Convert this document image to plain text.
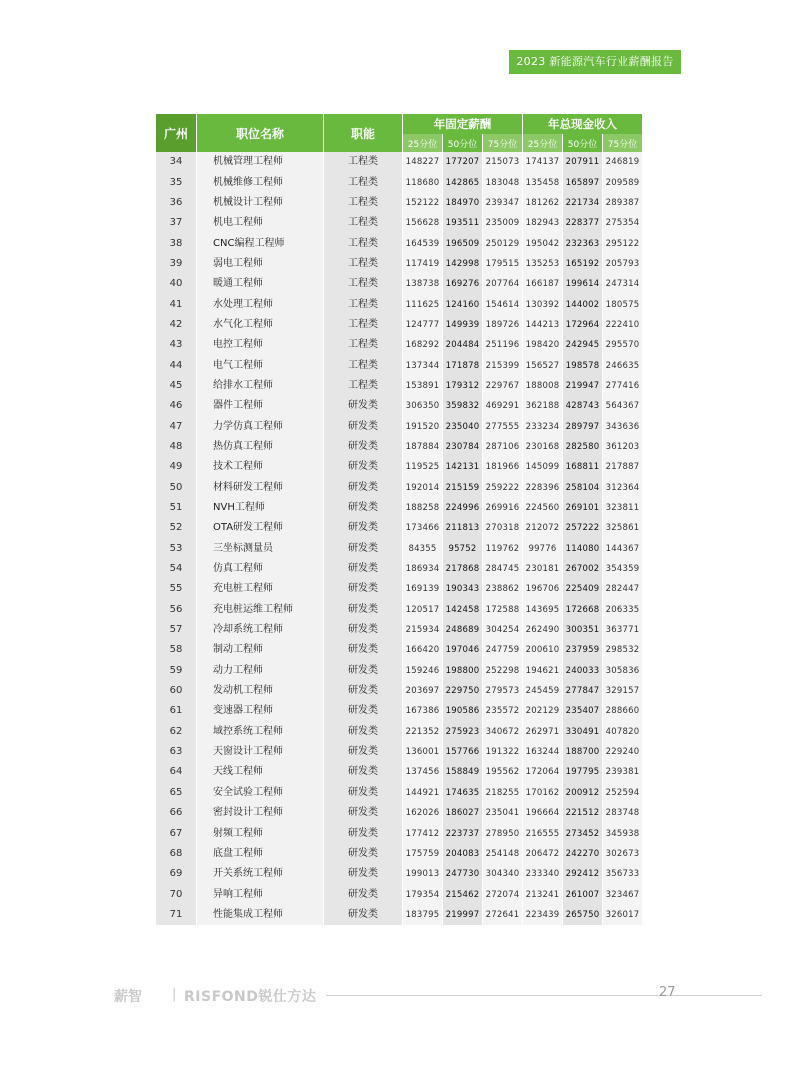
2023 新能源汽车行业薪酬报告
广州	职位名称	职能	年固定薪酬			年总现金收入		
			25分位	50分位	75分位	25分位	50分位	75分位
34	机械管理工程师	工程类	148227	177207	215073	174137	207911	246819
35	机械维修工程师	工程类	118680	142865	183048	135458	165897	209589
36	机械设计工程师	工程类	152122	184970	239347	181262	221734	289387
37	机电工程师	工程类	156628	193511	235009	182943	228377	275354
38	CNC编程工程师	工程类	164539	196509	250129	195042	232363	295122
39	弱电工程师	工程类	117419	142998	179515	135253	165192	205793
40	暖通工程师	工程类	138738	169276	207764	166187	199614	247314
41	水处理工程师	工程类	111625	124160	154614	130392	144002	180575
42	水气化工程师	工程类	124777	149939	189726	144213	172964	222410
43	电控工程师	工程类	168292	204484	251196	198420	242945	295570
44	电气工程师	工程类	137344	171878	215399	156527	198578	246635
45	给排水工程师	工程类	153891	179312	229767	188008	219947	277416
46	器件工程师	研发类	306350	359832	469291	362188	428743	564367
47	力学仿真工程师	研发类	191520	235040	277555	233234	289797	343636
48	热仿真工程师	研发类	187884	230784	287106	230168	282580	361203
49	技术工程师	研发类	119525	142131	181966	145099	168811	217887
50	材料研发工程师	研发类	192014	215159	259222	228396	258104	312364
51	NVH工程师	研发类	188258	224996	269916	224560	269101	323811
52	OTA研发工程师	研发类	173466	211813	270318	212072	257222	325861
53	三坐标测量员	研发类	84355	95752	119762	99776	114080	144367
54	仿真工程师	研发类	186934	217868	284745	230181	267002	354359
55	充电桩工程师	研发类	169139	190343	238862	196706	225409	282447
56	充电桩运维工程师	研发类	120517	142458	172588	143695	172668	206335
57	冷却系统工程师	研发类	215934	248689	304254	262490	300351	363771
58	制动工程师	研发类	166420	197046	247759	200610	237959	298532
59	动力工程师	研发类	159246	198800	252298	194621	240033	305836
60	发动机工程师	研发类	203697	229750	279573	245459	277847	329157
61	变速器工程师	研发类	167386	190586	235572	202129	235407	288660
62	域控系统工程师	研发类	221352	275923	340672	262971	330491	407820
63	天窗设计工程师	研发类	136001	157766	191322	163244	188700	229240
64	天线工程师	研发类	137456	158849	195562	172064	197795	239381
65	安全试验工程师	研发类	144921	174635	218255	170162	200912	252594
66	密封设计工程师	研发类	162026	186027	235041	196664	221512	283748
67	射频工程师	研发类	177412	223737	278950	216555	273452	345938
68	底盘工程师	研发类	175759	204083	254148	206472	242270	302673
69	开关系统工程师	研发类	199013	247730	304340	233340	292412	356733
70	异响工程师	研发类	179354	215462	272074	213241	261007	323467
71	性能集成工程师	研发类	183795	219997	272641	223439	265750	326017
薪智 | RISFOND锐仕方达	27
